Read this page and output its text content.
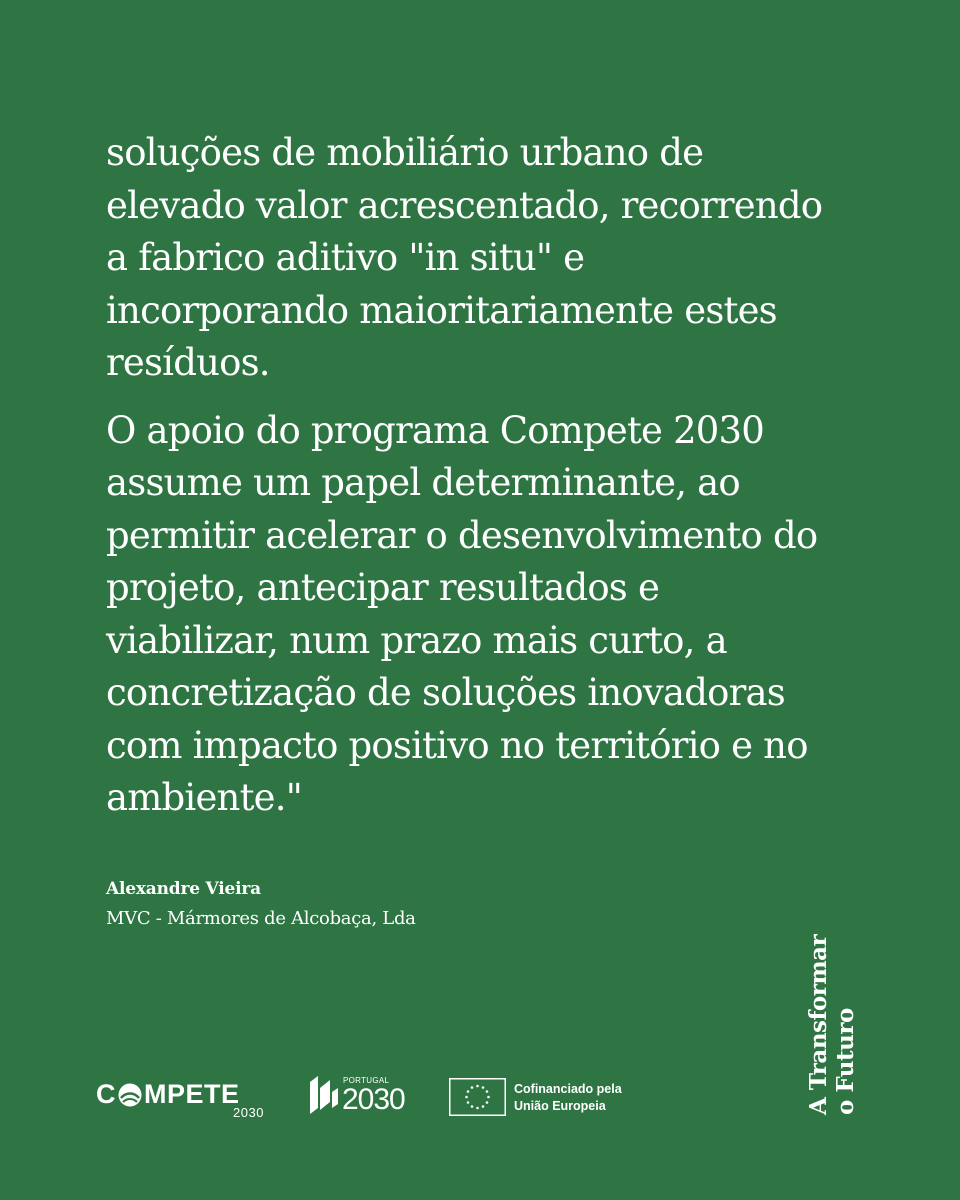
soluções de mobiliário urbano de elevado valor acrescentado, recorrendo a fabrico aditivo "in situ" e incorporando maioritariamente estes resíduos.

O apoio do programa Compete 2030 assume um papel determinante, ao permitir acelerar o desenvolvimento do projeto, antecipar resultados e viabilizar, num prazo mais curto, a concretização de soluções inovadoras com impacto positivo no território e no ambiente."

Alexandre Vieira
MVC - Mármores de Alcobaça, Lda
A Transformar o Futuro
C MPETE
2030
PORTUGAL
2030	Cofinanciado pela
União Europeia
